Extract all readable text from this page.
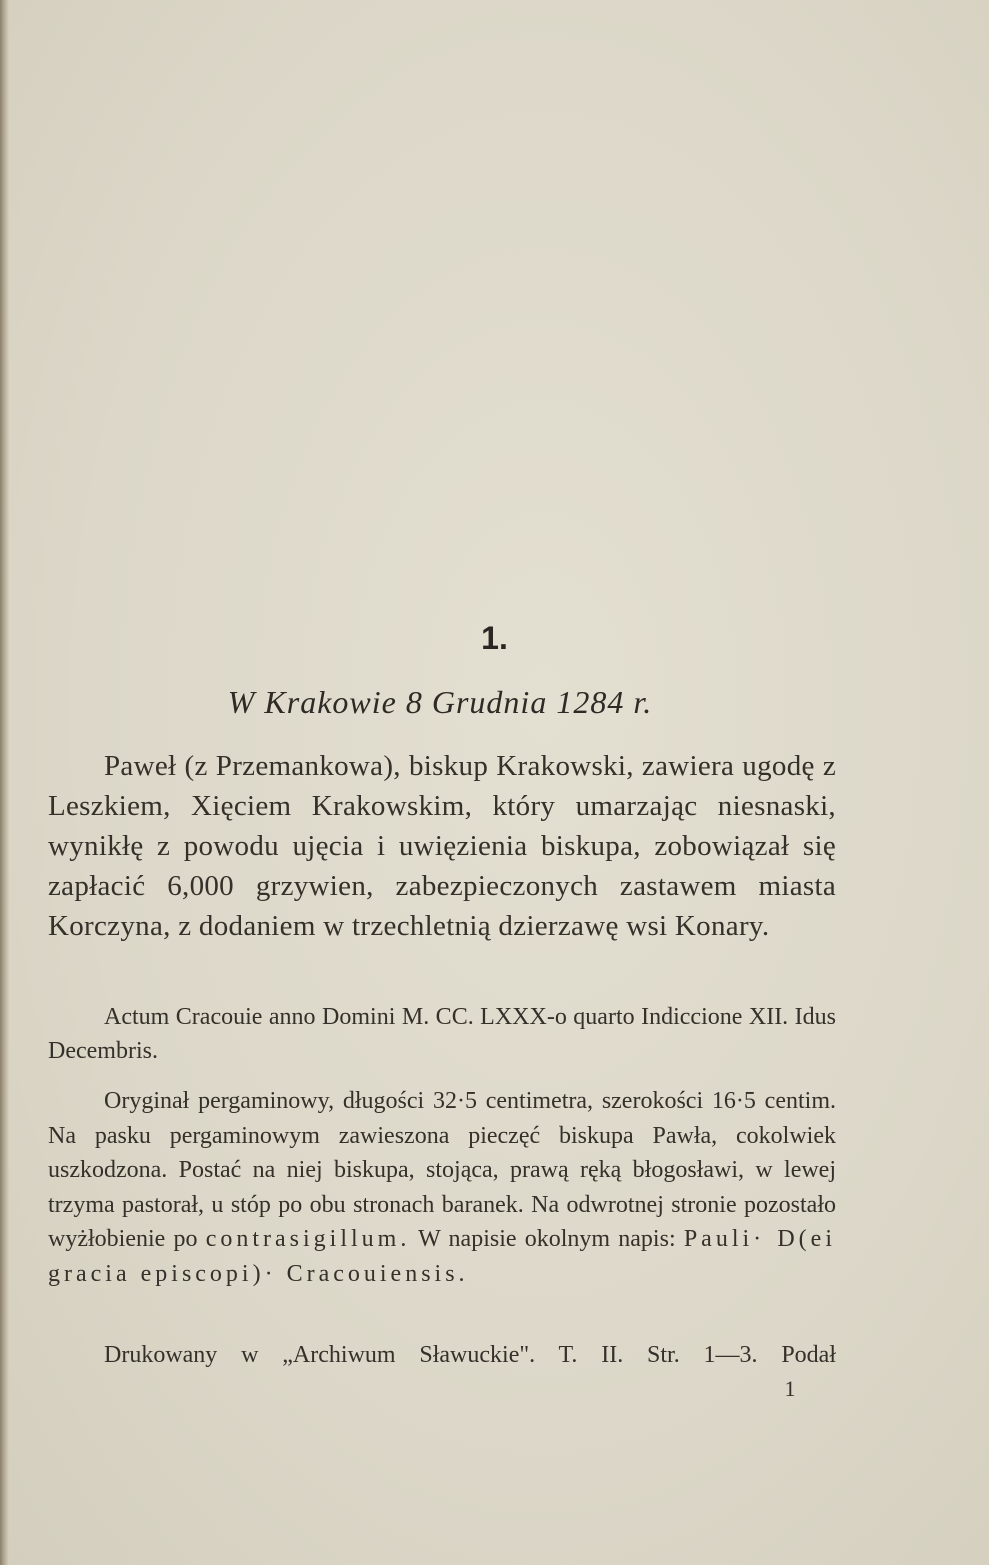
1.
W Krakowie 8 Grudnia 1284 r.

Paweł (z Przemankowa), biskup Krakowski, zawiera ugodę z Leszkiem, Xięciem Krakowskim, który umarzając niesnaski, wynikłę z powodu ujęcia i uwięzienia biskupa, zobowiązał się zapłacić 6,000 grzywien, zabezpieczonych zastawem miasta Korczyna, z dodaniem w trzechletnią dzierzawę wsi Konary.

Actum Cracouie anno Domini M. CC. LXXX-o quarto Indiccione XII. Idus Decembris.

Oryginał pergaminowy, długości 32·5 centimetra, szerokości 16·5 centim. Na pasku pergaminowym zawieszona pieczęć biskupa Pawła, cokolwiek uszkodzona. Postać na niej biskupa, stojąca, prawą ręką błogosławi, w lewej trzyma pastorał, u stóp po obu stronach baranek. Na odwrotnej stronie pozostało wyżłobienie po contrasigillum. W napisie okolnym napis: Pauli· D(ei gracia episcopi)· Cracouiensis.

Drukowany w „Archiwum Sławuckie". T. II. Str. 1—3. Podał

1
